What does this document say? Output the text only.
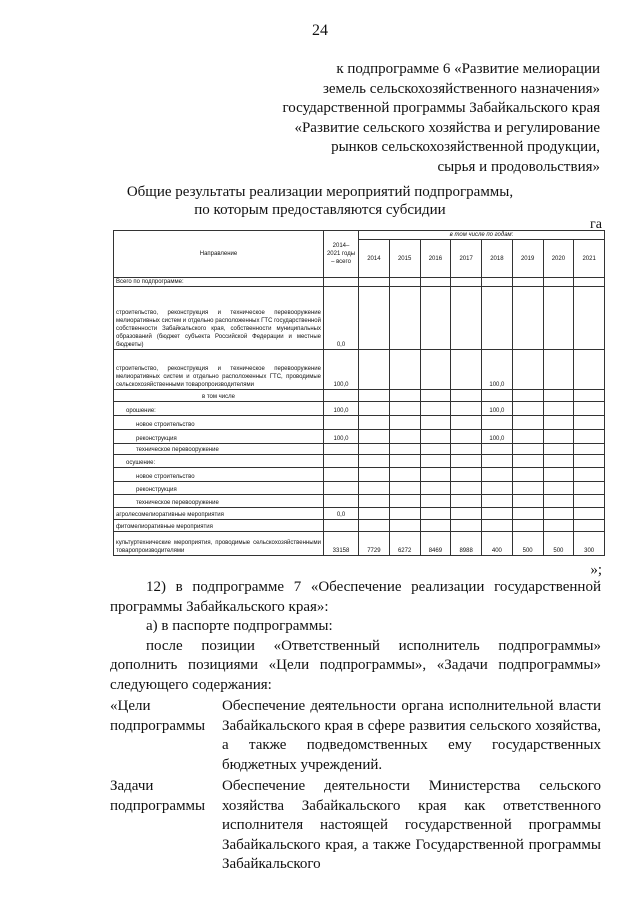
24
к подпрограмме 6 «Развитие мелиорации
земель сельскохозяйственного назначения»
государственной программы Забайкальского края
«Развитие сельского хозяйства и регулирование
рынков сельскохозяйственной продукции,
сырья и продовольствия»
Общие результаты реализации мероприятий подпрограммы,
по которым предоставляются субсидии
га
Направление	2014–2021 годы – всего	в том числе по годам:							
		2014	2015	2016	2017	2018	2019	2020	2021
Всего по подпрограмме:									
строительство, реконструкция и техническое перевооружение мелиоративных систем и отдельно расположенных ГТС государственной собственности Забайкальского края, собственности муниципальных образований (бюджет субъекта Российской Федерации и местные бюджеты)	0,0								
строительство, реконструкция и техническое перевооружение мелиоративных систем и отдельно расположенных ГТС, проводимые сельскохозяйственными товаропроизводителями	100,0					100,0			
в том числе									
орошение:	100,0					100,0			
новое строительство									
реконструкция	100,0					100,0			
техническое перевооружение									
осушение:									
новое строительство									
реконструкция									
техническое перевооружение									
агролесомелиоративные мероприятия	0,0								
фитомелиоративные мероприятия									
культуртехнические мероприятия, проводимые сельскохозяйственными товаропроизводителями	33158	7729	6272	8469	8988	400	500	500	300
»;
12) в подпрограмме 7 «Обеспечение реализации государственной программы Забайкальского края»:
а) в паспорте подпрограммы:
после позиции «Ответственный исполнитель подпрограммы» дополнить позициями «Цели подпрограммы», «Задачи подпрограммы» следующего содержания:
«Цели подпрограммы
Обеспечение деятельности органа исполнительной власти Забайкальского края в сфере развития сельского хозяйства, а также подведомственных ему государственных бюджетных учреждений.
Задачи подпрограммы
Обеспечение деятельности Министерства сельского хозяйства Забайкальского края как ответственного исполнителя настоящей государственной программы Забайкальского края, а также Государственной программы Забайкальского
